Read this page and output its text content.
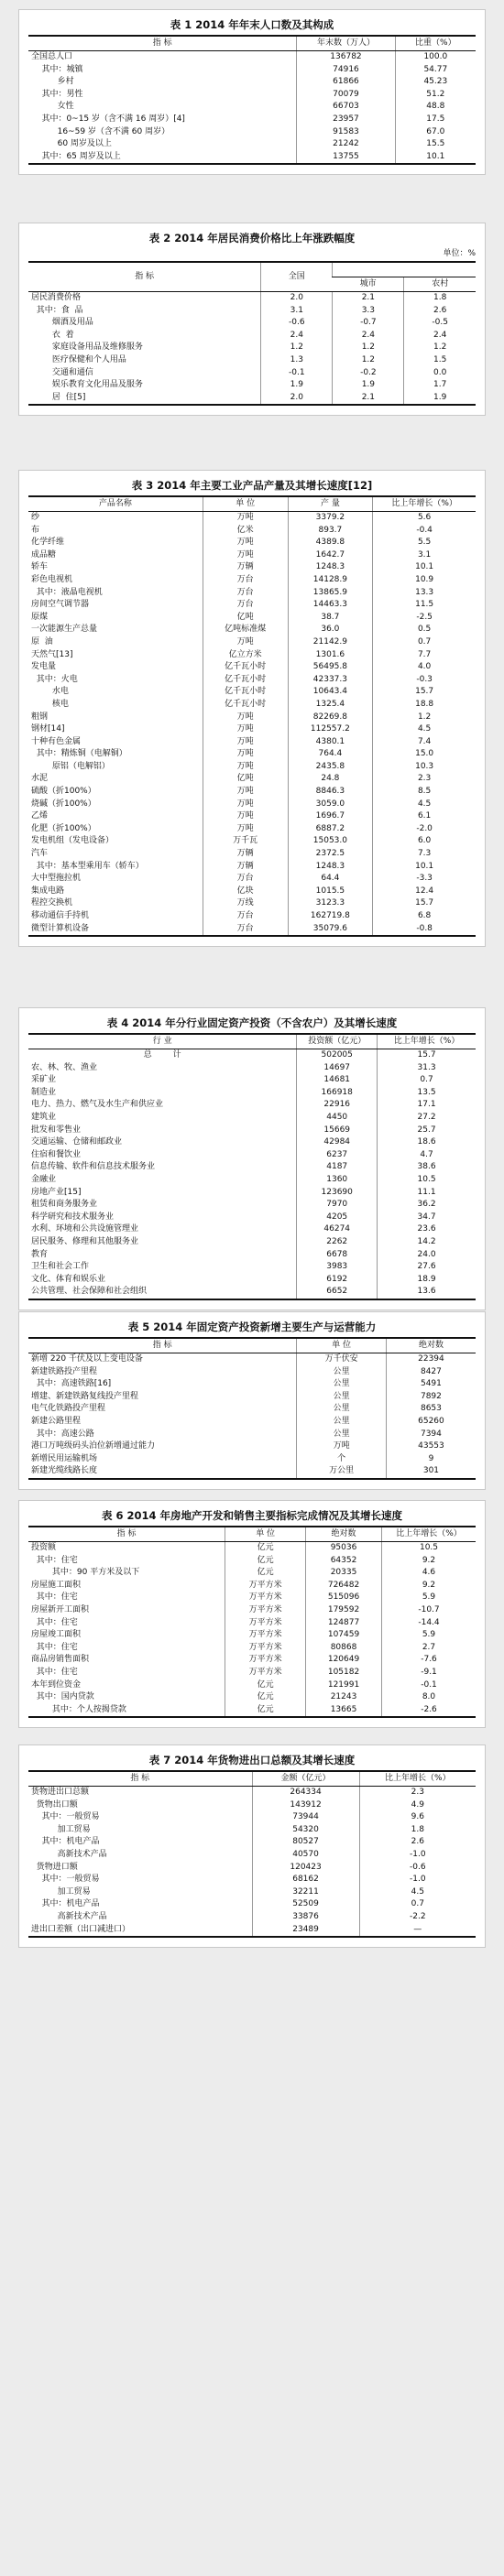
表 1 2014 年年末人口数及其构成
指 标	年末数（万人）	比重（%）
全国总人口	136782	100.0
其中：城镇	74916	54.77
乡村	61866	45.23
其中：男性	70079	51.2
女性	66703	48.8
其中：0~15 岁（含不满 16 周岁）[4]	23957	17.5
16~59 岁（含不满 60 周岁）	91583	67.0
60 周岁及以上	21242	15.5
其中：65 周岁及以上	13755	10.1
表 2 2014 年居民消费价格比上年涨跌幅度
单位：%
指 标	全国		
		城市	农村
居民消费价格	2.0	2.1	1.8
其中：食  品	3.1	3.3	2.6
烟酒及用品	-0.6	-0.7	-0.5
衣  着	2.4	2.4	2.4
家庭设备用品及维修服务	1.2	1.2	1.2
医疗保健和个人用品	1.3	1.2	1.5
交通和通信	-0.1	-0.2	0.0
娱乐教育文化用品及服务	1.9	1.9	1.7
居  住[5]	2.0	2.1	1.9
表 3 2014 年主要工业产品产量及其增长速度[12]
产品名称	单 位	产 量	比上年增长（%）
纱	万吨	3379.2	5.6
布	亿米	893.7	-0.4
化学纤维	万吨	4389.8	5.5
成品糖	万吨	1642.7	3.1
轿车	万辆	1248.3	10.1
彩色电视机	万台	14128.9	10.9
其中：液晶电视机	万台	13865.9	13.3
房间空气调节器	万台	14463.3	11.5
原煤	亿吨	38.7	-2.5
一次能源生产总量	亿吨标准煤	36.0	0.5
原  油	万吨	21142.9	0.7
天然气[13]	亿立方米	1301.6	7.7
发电量	亿千瓦小时	56495.8	4.0
其中：火电	亿千瓦小时	42337.3	-0.3
水电	亿千瓦小时	10643.4	15.7
核电	亿千瓦小时	1325.4	18.8
粗钢	万吨	82269.8	1.2
钢材[14]	万吨	112557.2	4.5
十种有色金属	万吨	4380.1	7.4
其中：精炼铜（电解铜）	万吨	764.4	15.0
原铝（电解铝）	万吨	2435.8	10.3
水泥	亿吨	24.8	2.3
硫酸（折100%）	万吨	8846.3	8.5
烧碱（折100%）	万吨	3059.0	4.5
乙烯	万吨	1696.7	6.1
化肥（折100%）	万吨	6887.2	-2.0
发电机组（发电设备）	万千瓦	15053.0	6.0
汽车	万辆	2372.5	7.3
其中：基本型乘用车（轿车）	万辆	1248.3	10.1
大中型拖拉机	万台	64.4	-3.3
集成电路	亿块	1015.5	12.4
程控交换机	万线	3123.3	15.7
移动通信手持机	万台	162719.8	6.8
微型计算机设备	万台	35079.6	-0.8
表 4 2014 年分行业固定资产投资（不含农户）及其增长速度
行 业	投资额（亿元）	比上年增长（%）
总        计	502005	15.7
农、林、牧、渔业	14697	31.3
采矿业	14681	0.7
制造业	166918	13.5
电力、热力、燃气及水生产和供应业	22916	17.1
建筑业	4450	27.2
批发和零售业	15669	25.7
交通运输、仓储和邮政业	42984	18.6
住宿和餐饮业	6237	4.7
信息传输、软件和信息技术服务业	4187	38.6
金融业	1360	10.5
房地产业[15]	123690	11.1
租赁和商务服务业	7970	36.2
科学研究和技术服务业	4205	34.7
水利、环境和公共设施管理业	46274	23.6
居民服务、修理和其他服务业	2262	14.2
教育	6678	24.0
卫生和社会工作	3983	27.6
文化、体育和娱乐业	6192	18.9
公共管理、社会保障和社会组织	6652	13.6
表 5 2014 年固定资产投资新增主要生产与运营能力
指 标	单 位	绝对数
新增 220 千伏及以上变电设备	万千伏安	22394
新建铁路投产里程	公里	8427
其中：高速铁路[16]	公里	5491
增建、新建铁路复线投产里程	公里	7892
电气化铁路投产里程	公里	8653
新建公路里程	公里	65260
其中：高速公路	公里	7394
港口万吨级码头泊位新增通过能力	万吨	43553
新增民用运输机场	个	9
新建光缆线路长度	万公里	301
表 6 2014 年房地产开发和销售主要指标完成情况及其增长速度
指 标	单 位	绝对数	比上年增长（%）
投资额	亿元	95036	10.5
其中：住宅	亿元	64352	9.2
其中：90 平方米及以下	亿元	20335	4.6
房屋施工面积	万平方米	726482	9.2
其中：住宅	万平方米	515096	5.9
房屋新开工面积	万平方米	179592	-10.7
其中：住宅	万平方米	124877	-14.4
房屋竣工面积	万平方米	107459	5.9
其中：住宅	万平方米	80868	2.7
商品房销售面积	万平方米	120649	-7.6
其中：住宅	万平方米	105182	-9.1
本年到位资金	亿元	121991	-0.1
其中：国内贷款	亿元	21243	8.0
其中：个人按揭贷款	亿元	13665	-2.6
表 7 2014 年货物进出口总额及其增长速度
指 标	金额（亿元）	比上年增长（%）
货物进出口总额	264334	2.3
货物出口额	143912	4.9
其中：一般贸易	73944	9.6
加工贸易	54320	1.8
其中：机电产品	80527	2.6
高新技术产品	40570	-1.0
货物进口额	120423	-0.6
其中：一般贸易	68162	-1.0
加工贸易	32211	4.5
其中：机电产品	52509	0.7
高新技术产品	33876	-2.2
进出口差额（出口减进口）	23489	—
